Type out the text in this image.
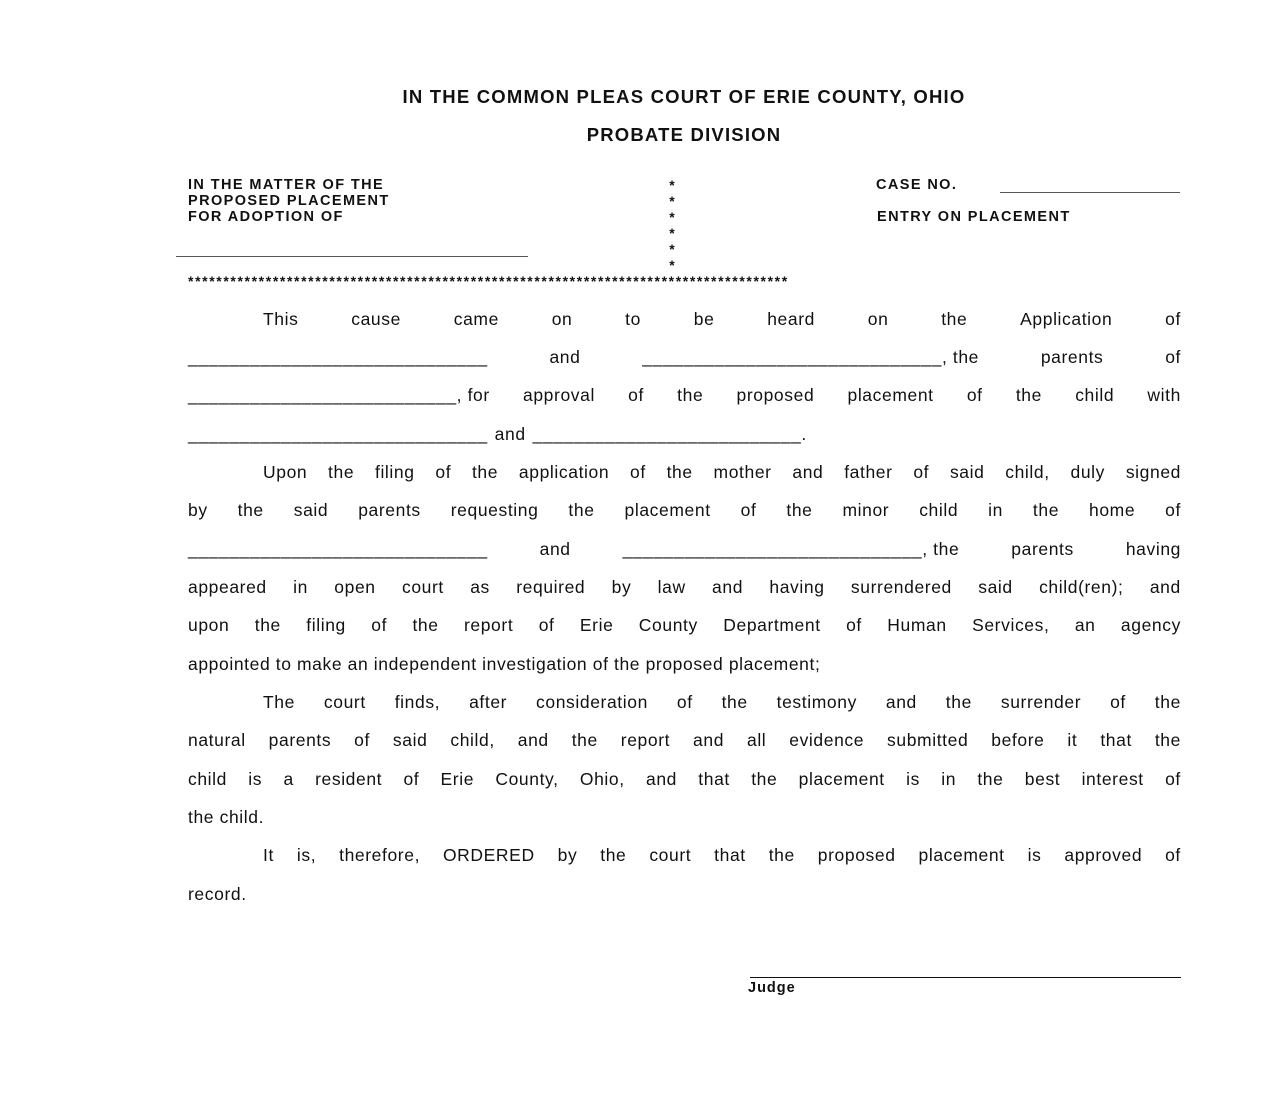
IN THE COMMON PLEAS COURT OF ERIE COUNTY, OHIO
PROBATE DIVISION
IN THE MATTER OF THE
PROPOSED PLACEMENT
FOR ADOPTION OF
*
*
*
*
*
*
CASE NO.
ENTRY ON PLACEMENT
*************************************************************************************
This	cause	came	on	to	be	heard	on	the	Application	of
_____
and _____	, the	parents	of
_____, for approval of the proposed placement of the child with
_____
and _____	.
Upon the filing of the application of the mother and father of said child, duly signed
by the said parents requesting the placement of the minor child in the home of
_____
and _____	, the	parents	having
appeared in open court as required by law and having surrendered said child(ren); and
upon the filing of the report of Erie County Department of Human Services, an agency
appointed to make an independent investigation of the proposed placement;
The court finds, after consideration of the testimony and the surrender of the
natural parents of said child, and the report and all evidence submitted before it that the
child is a resident of Erie County, Ohio, and that the placement is in the best interest of
the child.
It is, therefore, ORDERED by the court that the proposed placement is approved of
record.
Judge
